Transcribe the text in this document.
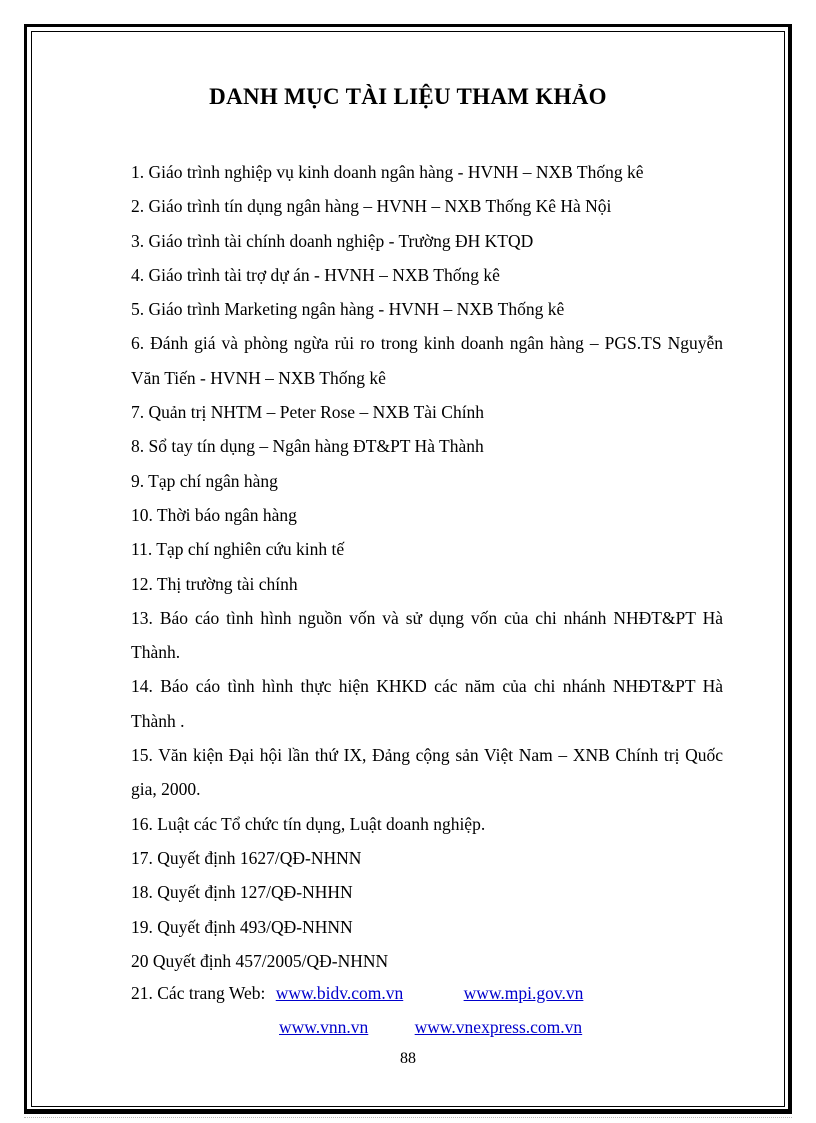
DANH MỤC TÀI LIỆU THAM KHẢO
1. Giáo trình nghiệp vụ kinh doanh ngân hàng - HVNH – NXB Thống kê
2. Giáo trình tín dụng ngân hàng – HVNH – NXB Thống Kê Hà Nội
3. Giáo trình tài chính doanh nghiệp - Trường ĐH KTQD
4. Giáo trình tài trợ dự án - HVNH – NXB Thống kê
5. Giáo trình Marketing ngân hàng - HVNH – NXB Thống kê
6. Đánh giá và phòng ngừa rủi ro trong kinh doanh ngân hàng – PGS.TS Nguyễn Văn Tiến - HVNH – NXB Thống kê
7. Quản trị NHTM – Peter Rose – NXB Tài Chính
8. Sổ tay tín dụng – Ngân hàng ĐT&PT Hà Thành
9. Tạp chí ngân hàng
10. Thời báo ngân hàng
11. Tạp chí nghiên cứu kinh tế
12. Thị trường tài chính
13. Báo cáo tình hình nguồn vốn và sử dụng vốn của chi nhánh NHĐT&PT Hà Thành.
14. Báo cáo tình hình thực hiện KHKD các năm của chi nhánh NHĐT&PT Hà Thành .
15. Văn kiện Đại hội lần thứ IX, Đảng cộng sản Việt Nam – XNB Chính trị Quốc gia, 2000.
16. Luật các Tổ chức tín dụng, Luật doanh nghiệp.
17. Quyết định 1627/QĐ-NHNN
18. Quyết định 127/QĐ-NHHN
19. Quyết định 493/QĐ-NHNN
20 Quyết định 457/2005/QĐ-NHNN
21. Các trang Web: www.bidv.com.vn	www.mpi.gov.vn
www.vnn.vn	www.vnexpress.com.vn
88
